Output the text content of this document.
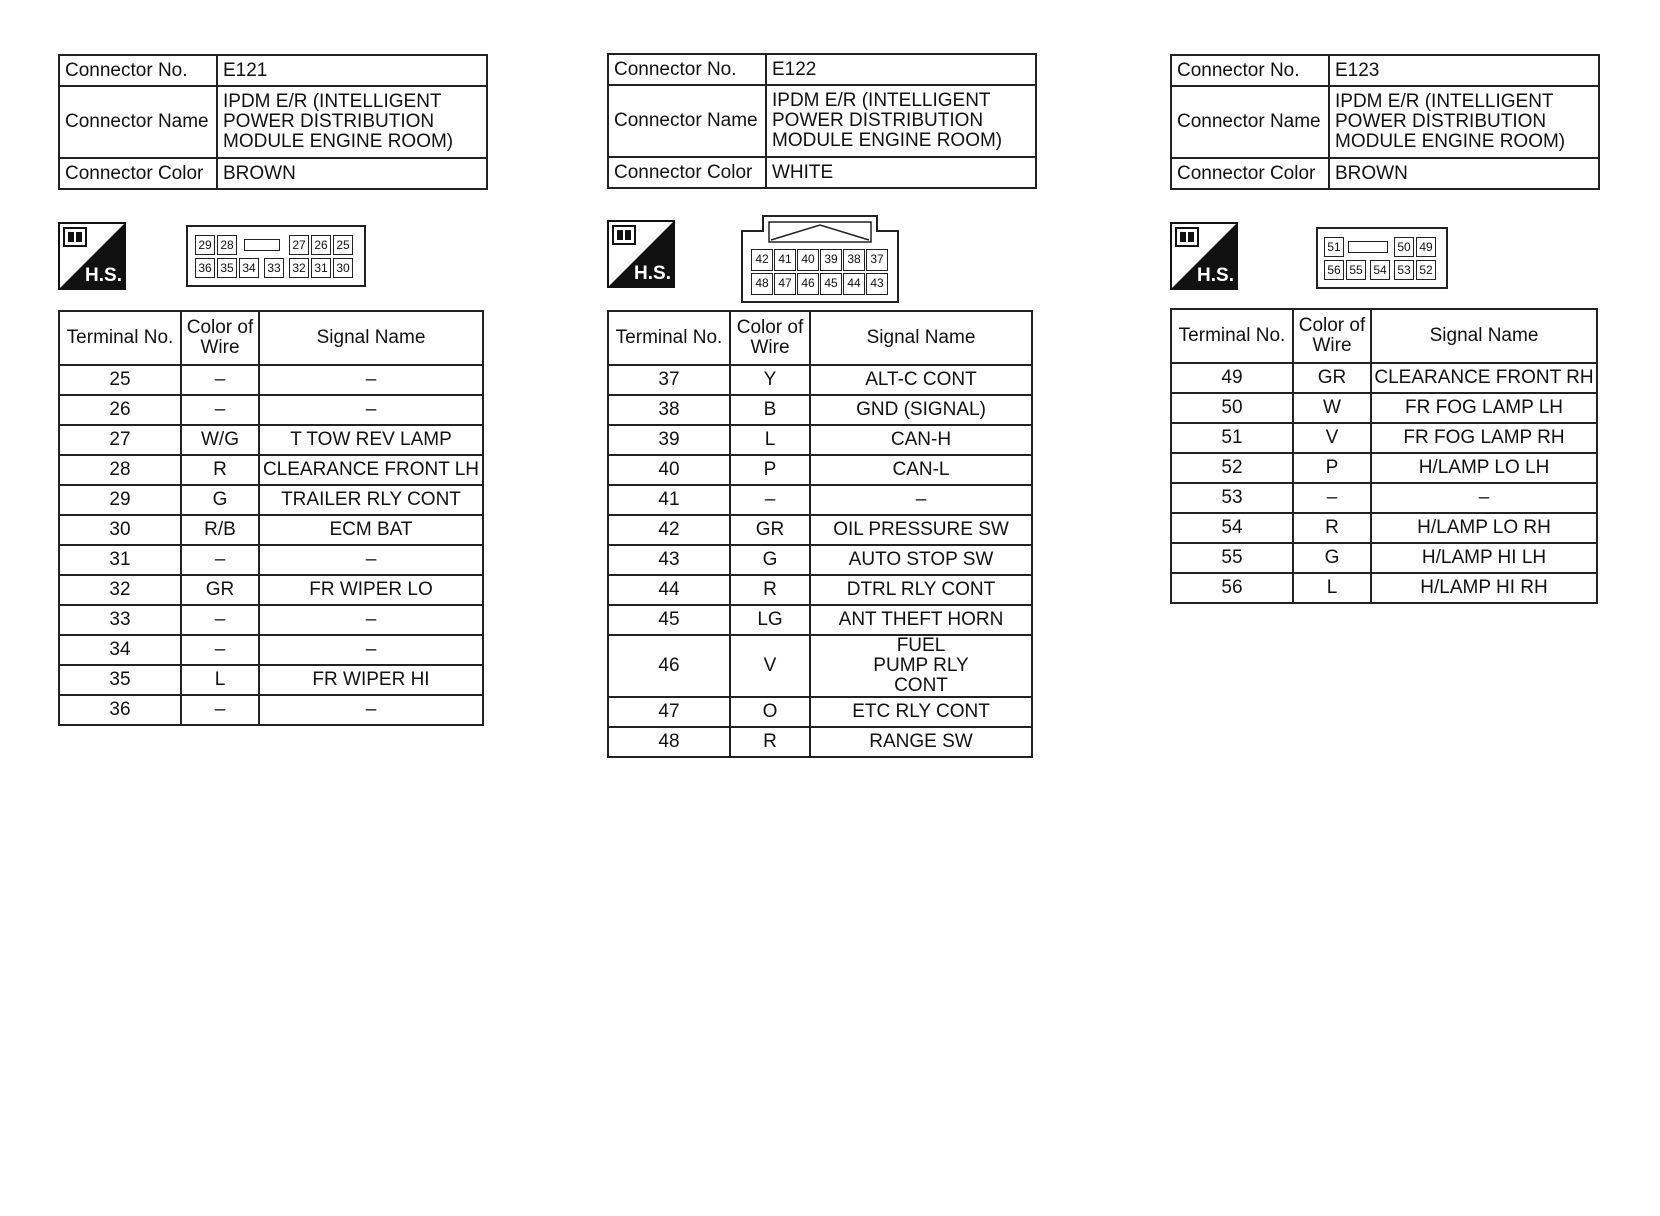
Connector No.	E121
Connector Name	IPDM E/R (INTELLIGENT POWER DISTRIBUTION MODULE ENGINE ROOM)
Connector Color	BROWN
H.S.
29 28	27 26 25
36 35 34 33 32 31 30
Terminal No.	Color of Wire	Signal Name
25	–	–
26	–	–
27	W/G	T TOW REV LAMP
28	R	CLEARANCE FRONT LH
29	G	TRAILER RLY CONT
30	R/B	ECM BAT
31	–	–
32	GR	FR WIPER LO
33	–	–
34	–	–
35	L	FR WIPER HI
36	–	–
Connector No.	E122
Connector Name	IPDM E/R (INTELLIGENT POWER DISTRIBUTION MODULE ENGINE ROOM)
Connector Color	WHITE
H.S.
42 41 40 39 38 37
48 47 46 45 44 43
Terminal No.	Color of Wire	Signal Name
37	Y	ALT-C CONT
38	B	GND (SIGNAL)
39	L	CAN-H
40	P	CAN-L
41	–	–
42	GR	OIL PRESSURE SW
43	G	AUTO STOP SW
44	R	DTRL RLY CONT
45	LG	ANT THEFT HORN
46	V	FUEL PUMP RLY CONT
47	O	ETC RLY CONT
48	R	RANGE SW
Connector No.	E123
Connector Name	IPDM E/R (INTELLIGENT POWER DISTRIBUTION MODULE ENGINE ROOM)
Connector Color	BROWN
H.S.
51	50 49
56 55 54 53 52
Terminal No.	Color of Wire	Signal Name
49	GR	CLEARANCE FRONT RH
50	W	FR FOG LAMP LH
51	V	FR FOG LAMP RH
52	P	H/LAMP LO LH
53	–	–
54	R	H/LAMP LO RH
55	G	H/LAMP HI LH
56	L	H/LAMP HI RH
